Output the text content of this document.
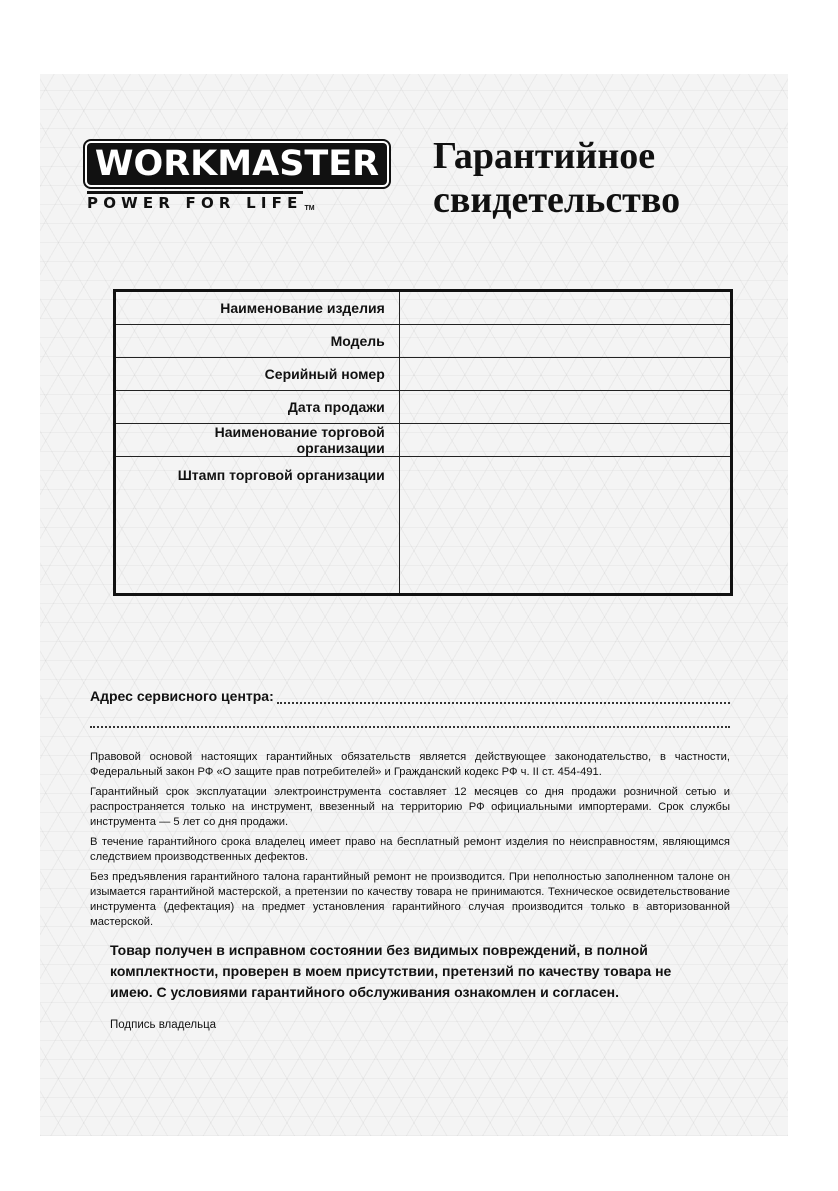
WORKMASTER
POWER FOR LIFE TM
Гарантийное
свидетельство
Наименование изделия	
Модель	
Серийный номер	
Дата продажи	
Наименование торговой организации	
Штамп торговой организации	
Адрес сервисного центра:

Правовой основой настоящих гарантийных обязательств является действующее законодательство, в частности, Федеральный закон РФ «О защите прав потребителей» и Гражданский кодекс РФ ч. II ст. 454-491.

Гарантийный срок эксплуатации электроинструмента составляет 12 месяцев со дня продажи розничной сетью и распространяется только на инструмент, ввезенный на территорию РФ официальными импортерами. Срок службы инструмента — 5 лет со дня продажи.

В течение гарантийного срока владелец имеет право на бесплатный ремонт изделия по неисправностям, являющимся следствием производственных дефектов.

Без предъявления гарантийного талона гарантийный ремонт не производится. При неполностью заполненном талоне он изымается гарантийной мастерской, а претензии по качеству товара не принимаются. Техническое освидетельствование инструмента (дефектация) на предмет установления гарантийного случая производится только в авторизованной мастерской.

Товар получен в исправном состоянии без видимых повреждений, в полной комплектности, проверен в моем присутствии, претензий по качеству товара не имею. С условиями гарантийного обслуживания ознакомлен и согласен.
Подпись владельца
